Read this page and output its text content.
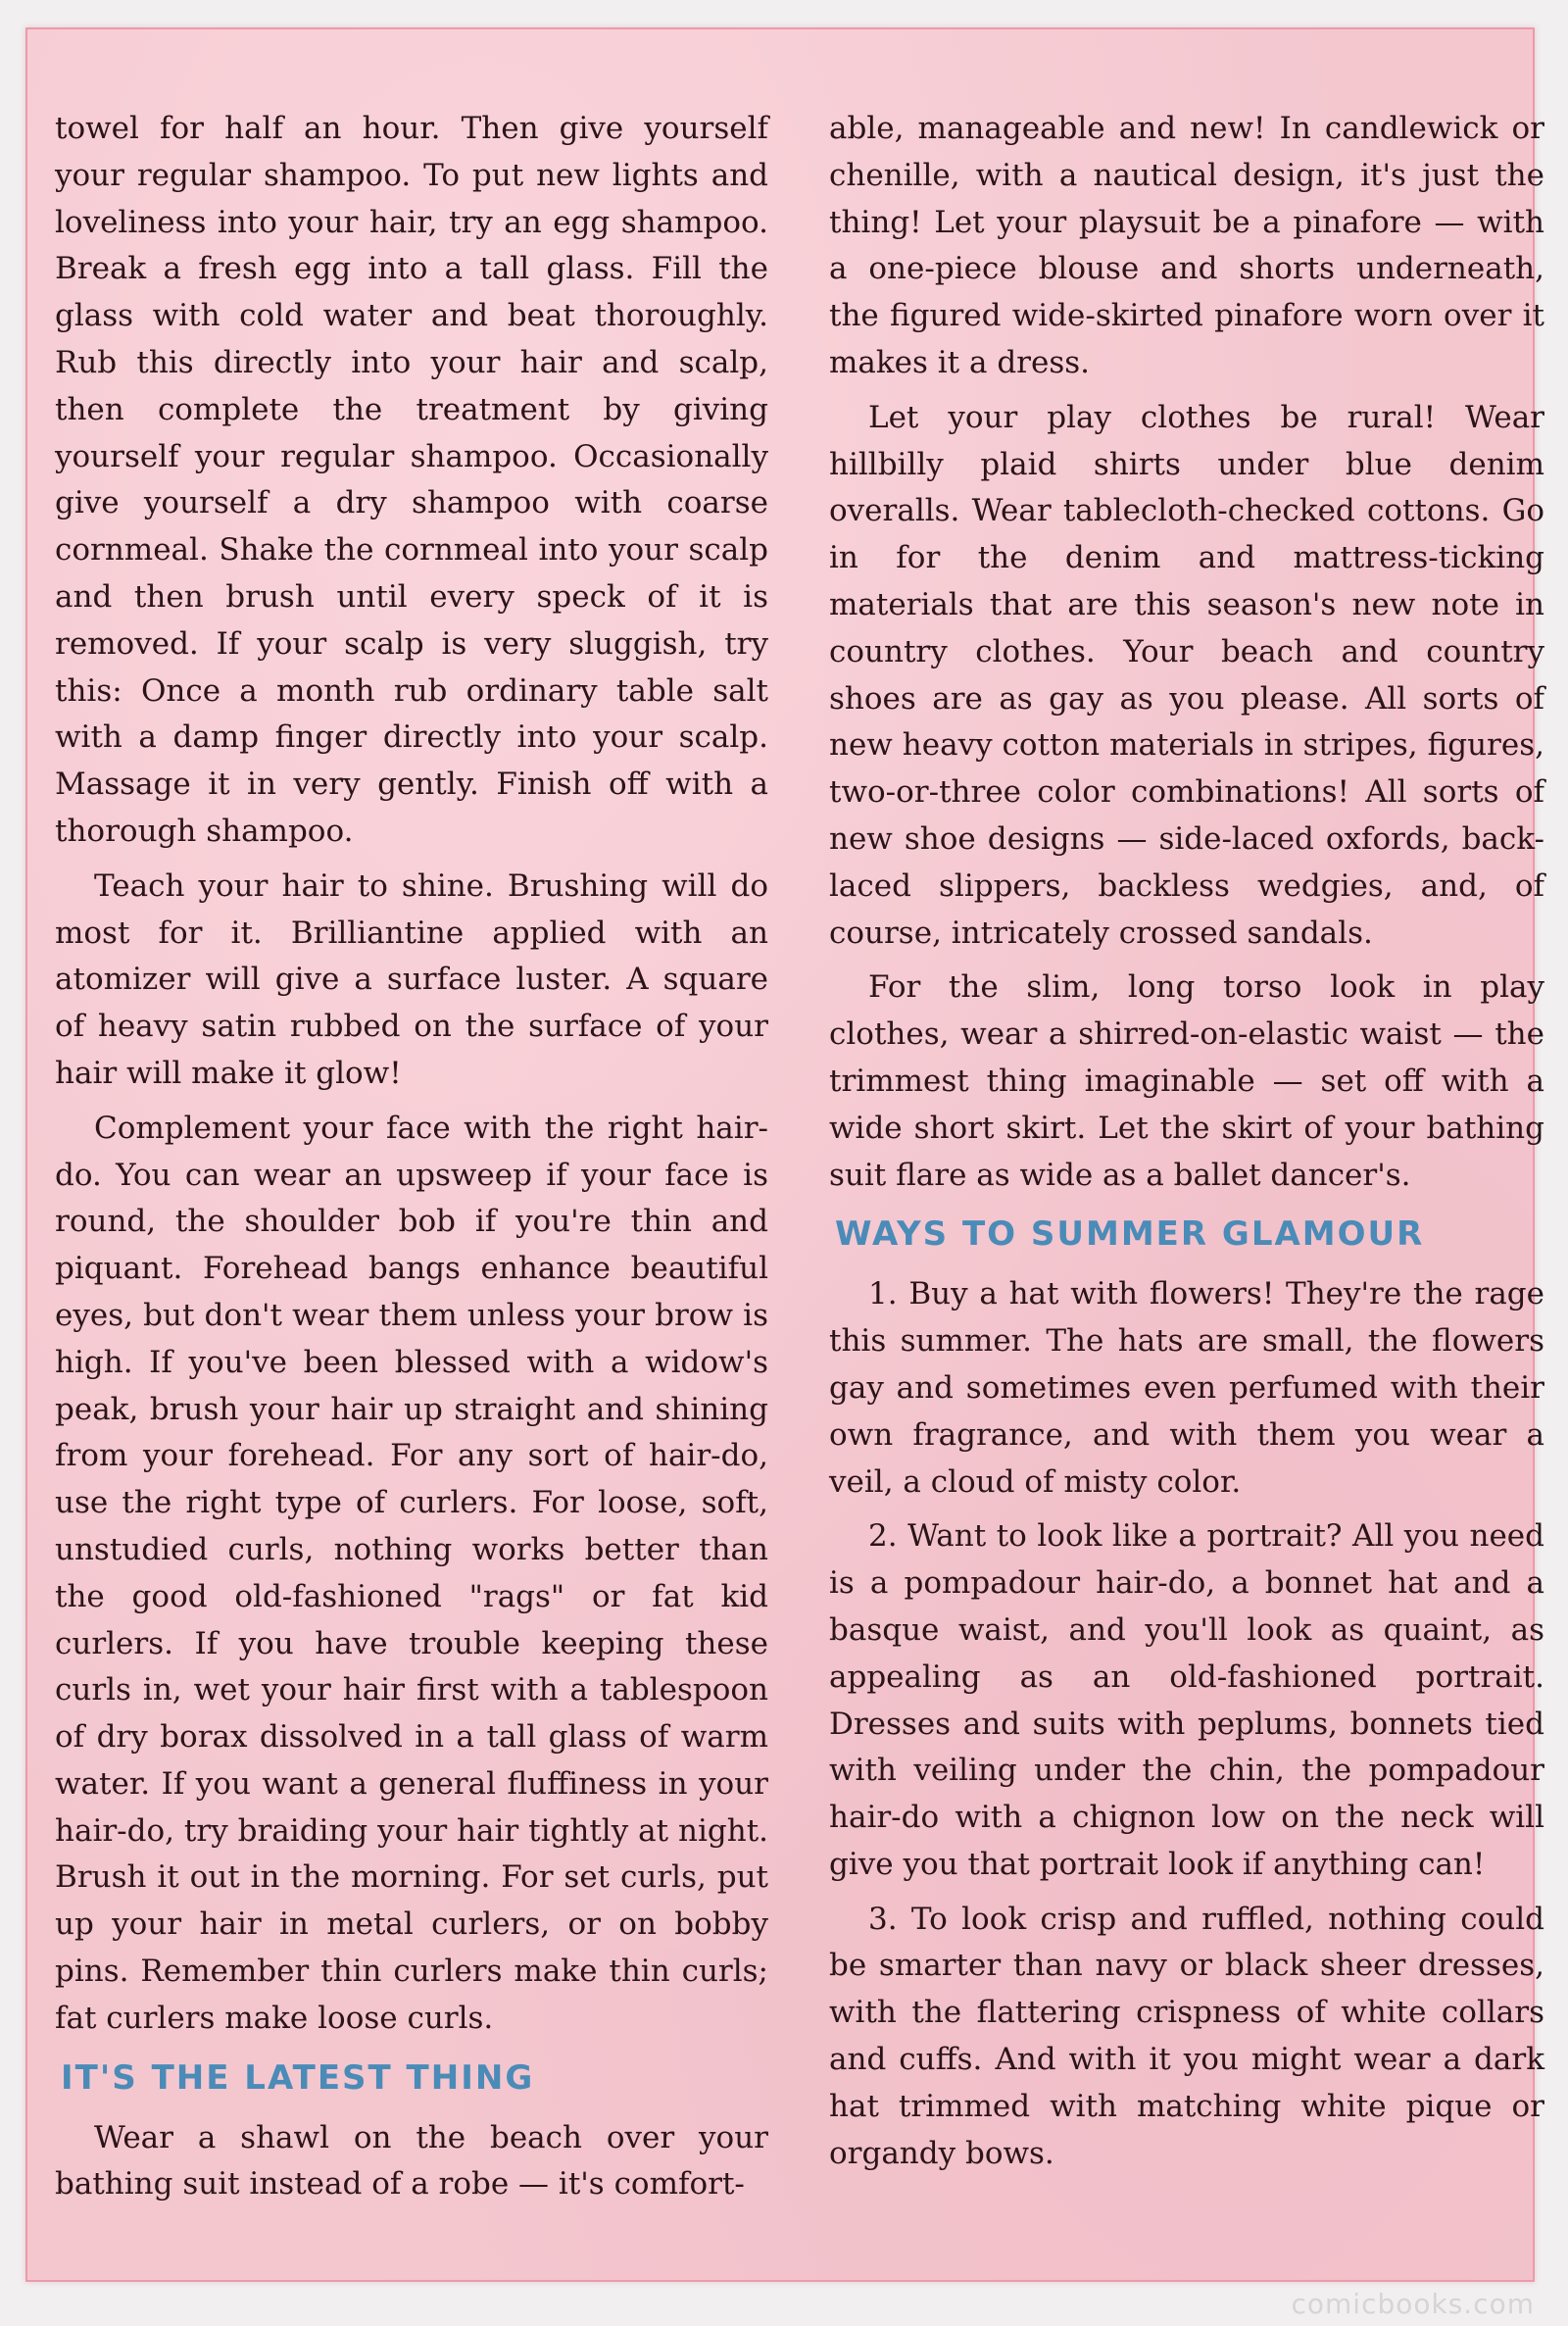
towel for half an hour. Then give yourself your regular shampoo. To put new lights and loveliness into your hair, try an egg shampoo. Break a fresh egg into a tall glass. Fill the glass with cold water and beat thoroughly. Rub this directly into your hair and scalp, then complete the treatment by giving yourself your regular shampoo. Occasionally give yourself a dry shampoo with coarse cornmeal. Shake the cornmeal into your scalp and then brush until every speck of it is removed. If your scalp is very sluggish, try this: Once a month rub ordinary table salt with a damp finger directly into your scalp. Massage it in very gently. Finish off with a thorough shampoo.

Teach your hair to shine. Brushing will do most for it. Brilliantine applied with an atomizer will give a surface luster. A square of heavy satin rubbed on the surface of your hair will make it glow!

Complement your face with the right hair-do. You can wear an upsweep if your face is round, the shoulder bob if you're thin and piquant. Forehead bangs enhance beautiful eyes, but don't wear them unless your brow is high. If you've been blessed with a widow's peak, brush your hair up straight and shining from your forehead. For any sort of hair-do, use the right type of curlers. For loose, soft, unstudied curls, nothing works better than the good old-fashioned "rags" or fat kid curlers. If you have trouble keeping these curls in, wet your hair first with a tablespoon of dry borax dissolved in a tall glass of warm water. If you want a general fluffiness in your hair-do, try braiding your hair tightly at night. Brush it out in the morning. For set curls, put up your hair in metal curlers, or on bobby pins. Remember thin curlers make thin curls; fat curlers make loose curls.

IT'S THE LATEST THING

Wear a shawl on the beach over your bathing suit instead of a robe — it's comfort-

able, manageable and new! In candlewick or chenille, with a nautical design, it's just the thing! Let your playsuit be a pinafore — with a one-piece blouse and shorts underneath, the figured wide-skirted pinafore worn over it makes it a dress.

Let your play clothes be rural! Wear hillbilly plaid shirts under blue denim overalls. Wear tablecloth-checked cottons. Go in for the denim and mattress-ticking materials that are this season's new note in country clothes. Your beach and country shoes are as gay as you please. All sorts of new heavy cotton materials in stripes, figures, two-or-three color combinations! All sorts of new shoe designs — side-laced oxfords, back-laced slippers, backless wedgies, and, of course, intricately crossed sandals.

For the slim, long torso look in play clothes, wear a shirred-on-elastic waist — the trimmest thing imaginable — set off with a wide short skirt. Let the skirt of your bathing suit flare as wide as a ballet dancer's.

WAYS TO SUMMER GLAMOUR

1. Buy a hat with flowers! They're the rage this summer. The hats are small, the flowers gay and sometimes even perfumed with their own fragrance, and with them you wear a veil, a cloud of misty color.

2. Want to look like a portrait? All you need is a pompadour hair-do, a bonnet hat and a basque waist, and you'll look as quaint, as appealing as an old-fashioned portrait. Dresses and suits with peplums, bonnets tied with veiling under the chin, the pompadour hair-do with a chignon low on the neck will give you that portrait look if anything can!

3. To look crisp and ruffled, nothing could be smarter than navy or black sheer dresses, with the flattering crispness of white collars and cuffs. And with it you might wear a dark hat trimmed with matching white pique or organdy bows.

comicbooks.com
